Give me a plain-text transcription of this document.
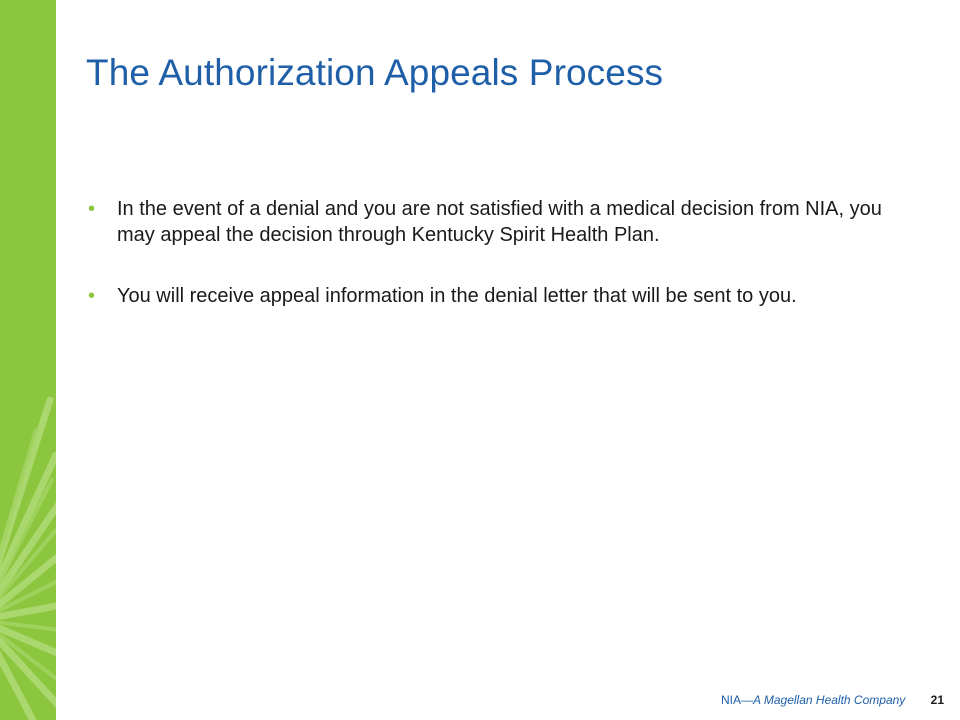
The Authorization Appeals Process
• In the event of a denial and you are not satisfied with a medical decision from NIA, you may appeal the decision through Kentucky Spirit Health Plan.
• You will receive appeal information in the denial letter that will be sent to you.
NIA—A Magellan Health Company 21
